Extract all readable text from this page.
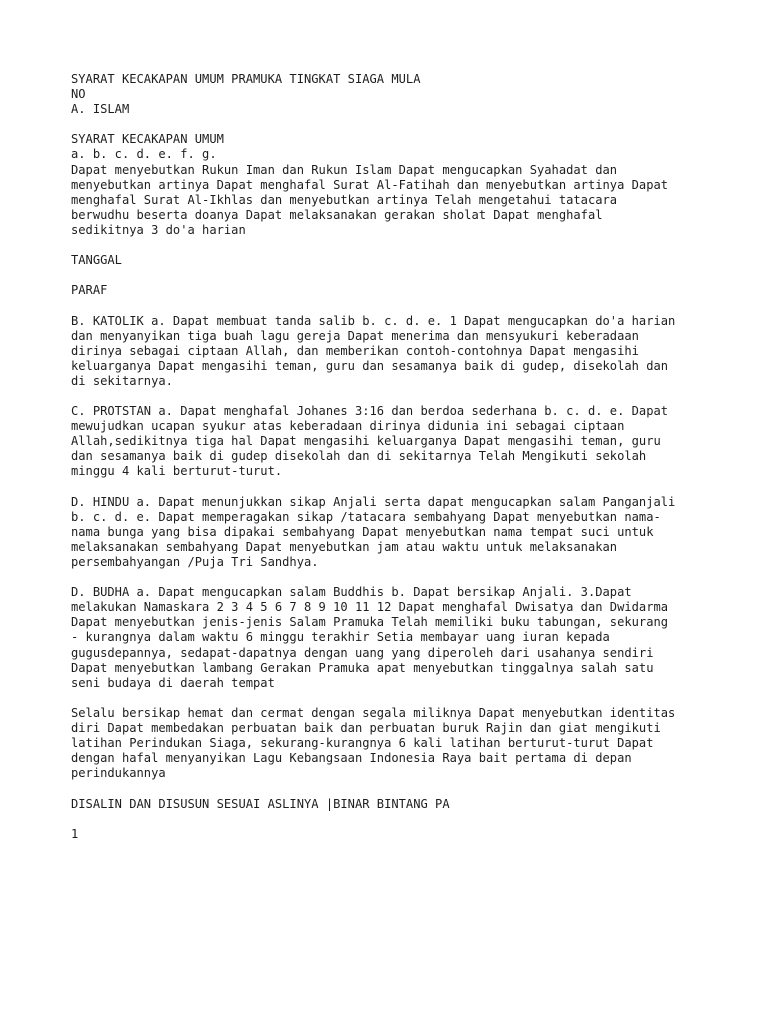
SYARAT KECAKAPAN UMUM PRAMUKA TINGKAT SIAGA MULA
NO
A. ISLAM
SYARAT KECAKAPAN UMUM
a. b. c. d. e. f. g.
Dapat menyebutkan Rukun Iman dan Rukun Islam Dapat mengucapkan Syahadat dan
menyebutkan artinya Dapat menghafal Surat Al-Fatihah dan menyebutkan artinya Dapat
menghafal Surat Al-Ikhlas dan menyebutkan artinya Telah mengetahui tatacara
berwudhu beserta doanya Dapat melaksanakan gerakan sholat Dapat menghafal
sedikitnya 3 do'a harian
TANGGAL
PARAF
B. KATOLIK a. Dapat membuat tanda salib b. c. d. e. 1 Dapat mengucapkan do'a harian
dan menyanyikan tiga buah lagu gereja Dapat menerima dan mensyukuri keberadaan
dirinya sebagai ciptaan Allah, dan memberikan contoh-contohnya Dapat mengasihi
keluarganya Dapat mengasihi teman, guru dan sesamanya baik di gudep, disekolah dan
di sekitarnya.
C. PROTSTAN a. Dapat menghafal Johanes 3:16 dan berdoa sederhana b. c. d. e. Dapat
mewujudkan ucapan syukur atas keberadaan dirinya didunia ini sebagai ciptaan
Allah,sedikitnya tiga hal Dapat mengasihi keluarganya Dapat mengasihi teman, guru
dan sesamanya baik di gudep disekolah dan di sekitarnya Telah Mengikuti sekolah
minggu 4 kali berturut-turut.
D. HINDU a. Dapat menunjukkan sikap Anjali serta dapat mengucapkan salam Panganjali
b. c. d. e. Dapat memperagakan sikap /tatacara sembahyang Dapat menyebutkan nama-
nama bunga yang bisa dipakai sembahyang Dapat menyebutkan nama tempat suci untuk
melaksanakan sembahyang Dapat menyebutkan jam atau waktu untuk melaksanakan
persembahyangan /Puja Tri Sandhya.
D. BUDHA a. Dapat mengucapkan salam Buddhis b. Dapat bersikap Anjali. 3.Dapat
melakukan Namaskara 2 3 4 5 6 7 8 9 10 11 12 Dapat menghafal Dwisatya dan Dwidarma
Dapat menyebutkan jenis-jenis Salam Pramuka Telah memiliki buku tabungan, sekurang
- kurangnya dalam waktu 6 minggu terakhir Setia membayar uang iuran kepada
gugusdepannya, sedapat-dapatnya dengan uang yang diperoleh dari usahanya sendiri
Dapat menyebutkan lambang Gerakan Pramuka apat menyebutkan tinggalnya salah satu
seni budaya di daerah tempat
Selalu bersikap hemat dan cermat dengan segala miliknya Dapat menyebutkan identitas
diri Dapat membedakan perbuatan baik dan perbuatan buruk Rajin dan giat mengikuti
latihan Perindukan Siaga, sekurang-kurangnya 6 kali latihan berturut-turut Dapat
dengan hafal menyanyikan Lagu Kebangsaan Indonesia Raya bait pertama di depan
perindukannya
DISALIN DAN DISUSUN SESUAI ASLINYA |BINAR BINTANG PA
1
